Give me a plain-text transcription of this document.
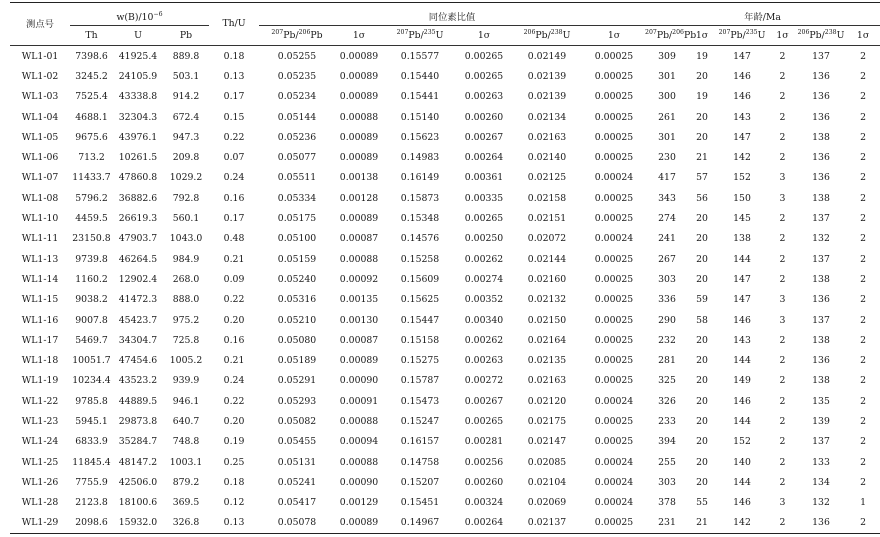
测点号	$w(B)/10^{-6}$			Th/U	同位素比值						年龄/Ma					
	Th	U	Pb		$^{207}$Pb/$^{206}$Pb	1σ	$^{207}$Pb/$^{235}$U	1σ	$^{206}$Pb/$^{238}$U	1σ	$^{207}$Pb/$^{206}$Pb	1σ	$^{207}$Pb/$^{235}$U	1σ	$^{206}$Pb/$^{238}$U	1σ
WL1-01	7398.6	41925.4	889.8	0.18	0.05255	0.00089	0.15577	0.00265	0.02149	0.00025	309	19	147	2	137	2
WL1-02	3245.2	24105.9	503.1	0.13	0.05235	0.00089	0.15440	0.00265	0.02139	0.00025	301	20	146	2	136	2
WL1-03	7525.4	43338.8	914.2	0.17	0.05234	0.00089	0.15441	0.00263	0.02139	0.00025	300	19	146	2	136	2
WL1-04	4688.1	32304.3	672.4	0.15	0.05144	0.00088	0.15140	0.00260	0.02134	0.00025	261	20	143	2	136	2
WL1-05	9675.6	43976.1	947.3	0.22	0.05236	0.00089	0.15623	0.00267	0.02163	0.00025	301	20	147	2	138	2
WL1-06	713.2	10261.5	209.8	0.07	0.05077	0.00089	0.14983	0.00264	0.02140	0.00025	230	21	142	2	136	2
WL1-07	11433.7	47860.8	1029.2	0.24	0.05511	0.00138	0.16149	0.00361	0.02125	0.00024	417	57	152	3	136	2
WL1-08	5796.2	36882.6	792.8	0.16	0.05334	0.00128	0.15873	0.00335	0.02158	0.00025	343	56	150	3	138	2
WL1-10	4459.5	26619.3	560.1	0.17	0.05175	0.00089	0.15348	0.00265	0.02151	0.00025	274	20	145	2	137	2
WL1-11	23150.8	47903.7	1043.0	0.48	0.05100	0.00087	0.14576	0.00250	0.02072	0.00024	241	20	138	2	132	2
WL1-13	9739.8	46264.5	984.9	0.21	0.05159	0.00088	0.15258	0.00262	0.02144	0.00025	267	20	144	2	137	2
WL1-14	1160.2	12902.4	268.0	0.09	0.05240	0.00092	0.15609	0.00274	0.02160	0.00025	303	20	147	2	138	2
WL1-15	9038.2	41472.3	888.0	0.22	0.05316	0.00135	0.15625	0.00352	0.02132	0.00025	336	59	147	3	136	2
WL1-16	9007.8	45423.7	975.2	0.20	0.05210	0.00130	0.15447	0.00340	0.02150	0.00025	290	58	146	3	137	2
WL1-17	5469.7	34304.7	725.8	0.16	0.05080	0.00087	0.15158	0.00262	0.02164	0.00025	232	20	143	2	138	2
WL1-18	10051.7	47454.6	1005.2	0.21	0.05189	0.00089	0.15275	0.00263	0.02135	0.00025	281	20	144	2	136	2
WL1-19	10234.4	43523.2	939.9	0.24	0.05291	0.00090	0.15787	0.00272	0.02163	0.00025	325	20	149	2	138	2
WL1-22	9785.8	44889.5	946.1	0.22	0.05293	0.00091	0.15473	0.00267	0.02120	0.00024	326	20	146	2	135	2
WL1-23	5945.1	29873.8	640.7	0.20	0.05082	0.00088	0.15247	0.00265	0.02175	0.00025	233	20	144	2	139	2
WL1-24	6833.9	35284.7	748.8	0.19	0.05455	0.00094	0.16157	0.00281	0.02147	0.00025	394	20	152	2	137	2
WL1-25	11845.4	48147.2	1003.1	0.25	0.05131	0.00088	0.14758	0.00256	0.02085	0.00024	255	20	140	2	133	2
WL1-26	7755.9	42506.0	879.2	0.18	0.05241	0.00090	0.15207	0.00260	0.02104	0.00024	303	20	144	2	134	2
WL1-28	2123.8	18100.6	369.5	0.12	0.05417	0.00129	0.15451	0.00324	0.02069	0.00024	378	55	146	3	132	1
WL1-29	2098.6	15932.0	326.8	0.13	0.05078	0.00089	0.14967	0.00264	0.02137	0.00025	231	21	142	2	136	2
